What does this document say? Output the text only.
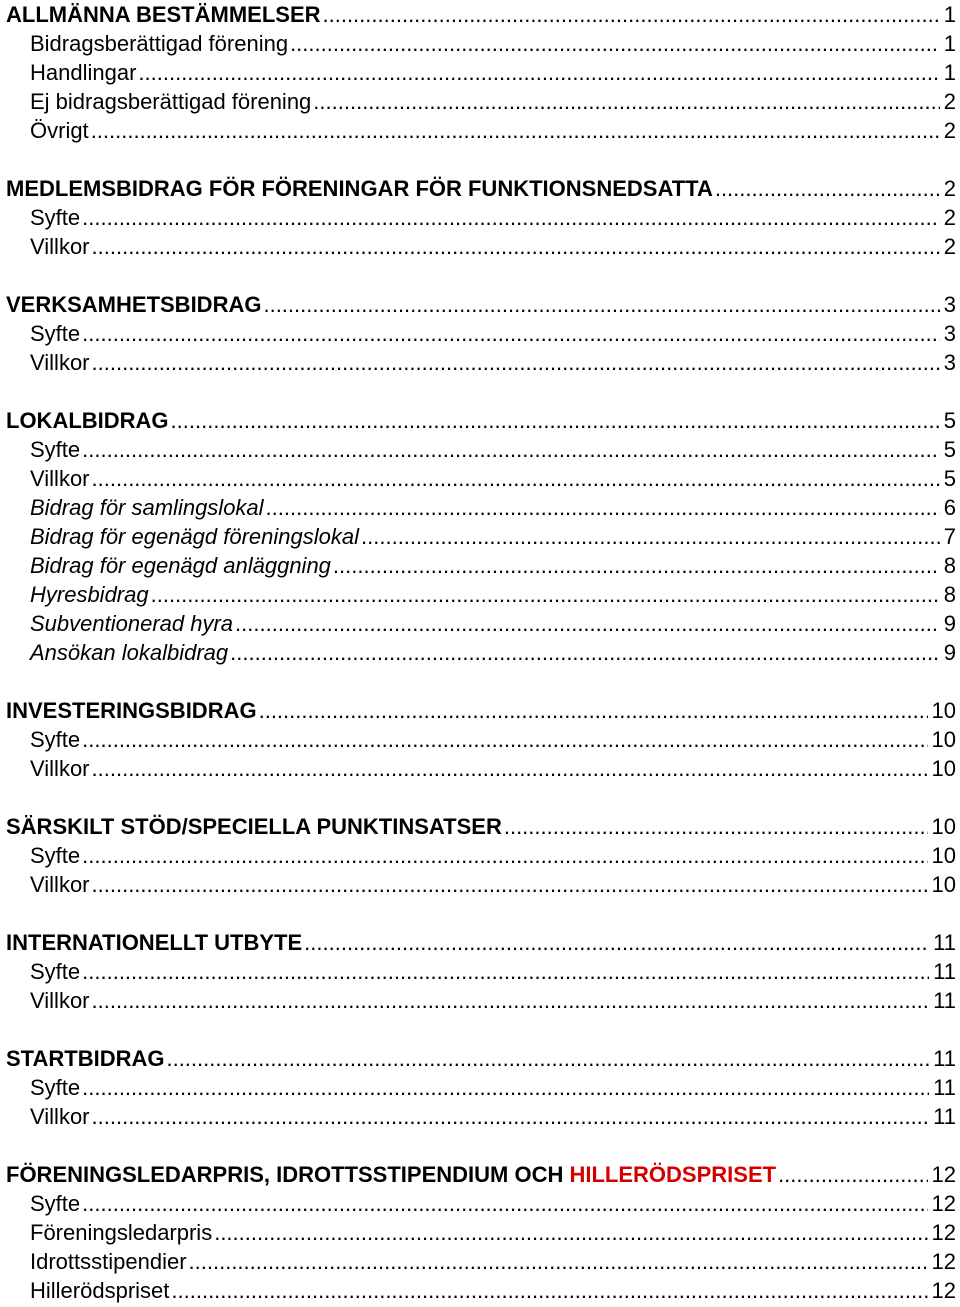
ALLMÄNNA BESTÄMMELSER .....	1
Bidragsberättigad förening .....	1
Handlingar .....	1
Ej bidragsberättigad förening .....	2
Övrigt .....	2
MEDLEMSBIDRAG FÖR FÖRENINGAR FÖR FUNKTIONSNEDSATTA .....	2
Syfte .....	2
Villkor .....	2
VERKSAMHETSBIDRAG .....	3
Syfte .....	3
Villkor .....	3
LOKALBIDRAG .....	5
Syfte .....	5
Villkor .....	5
Bidrag för samlingslokal .....	6
Bidrag för egenägd föreningslokal .....	7
Bidrag för egenägd anläggning .....	8
Hyresbidrag .....	8
Subventionerad hyra .....	9
Ansökan lokalbidrag .....	9
INVESTERINGSBIDRAG .....	10
Syfte .....	10
Villkor .....	10
SÄRSKILT STÖD/SPECIELLA PUNKTINSATSER .....	10
Syfte .....	10
Villkor .....	10
INTERNATIONELLT UTBYTE .....	11
Syfte .....	11
Villkor .....	11
STARTBIDRAG .....	11
Syfte .....	11
Villkor .....	11
FÖRENINGSLEDARPRIS, IDROTTSSTIPENDIUM OCH HILLERÖDSPRISET .....	12
Syfte .....	12
Föreningsledarpris .....	12
Idrottsstipendier .....	12
Hillerödspriset .....	12
